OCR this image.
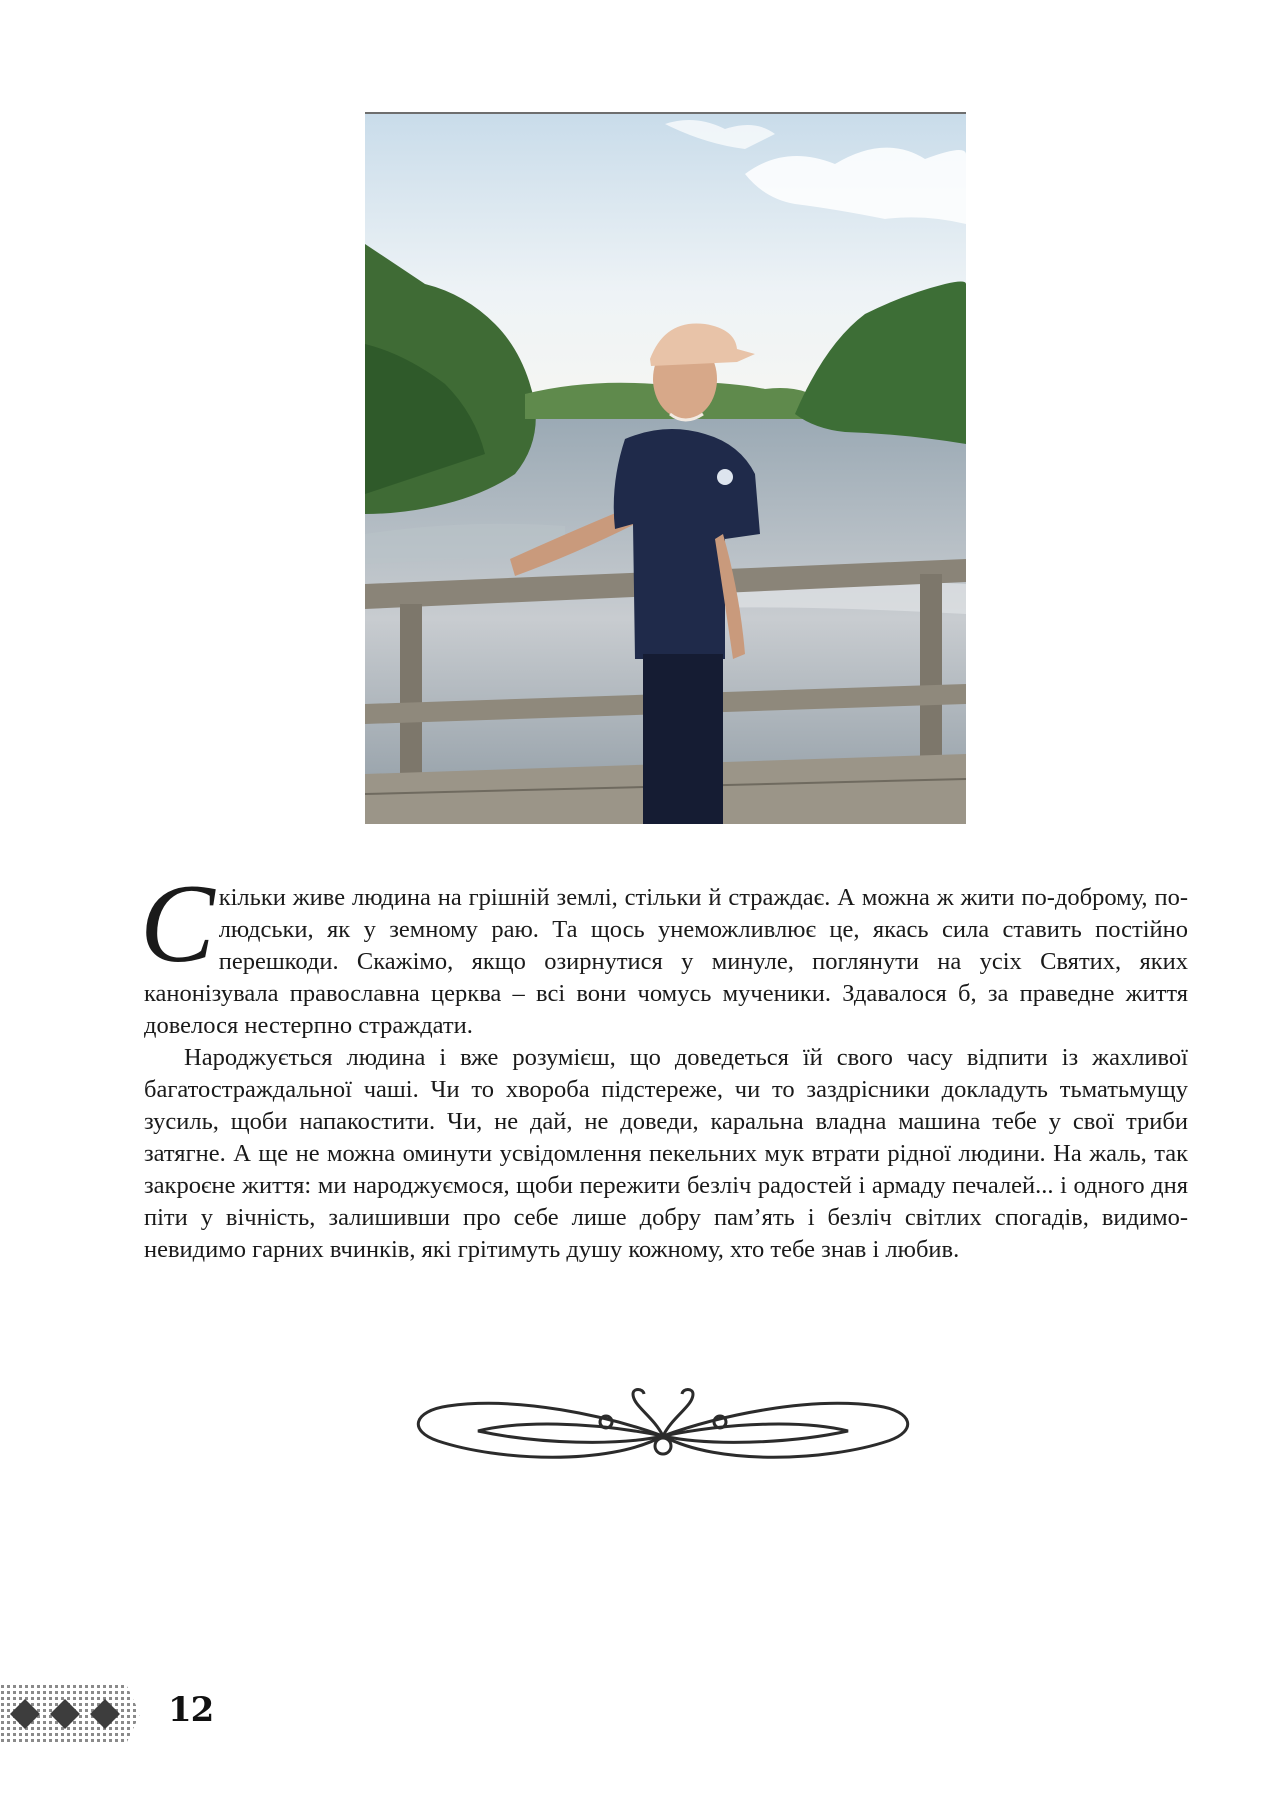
Скільки живе людина на грішній землі, стільки й страждає. А можна ж жити по-доброму, по-людськи, як у земному раю. Та щось унеможливлює це, якась сила ставить постійно перешкоди. Скажімо, якщо озирнутися у минуле, поглянути на усіх Святих, яких канонізувала православна церква – всі вони чомусь мученики. Здавалося б, за праведне життя довелося нестерпно страждати.

Народжується людина і вже розумієш, що доведеться їй свого часу відпити із жахливої багатостраждальної чаші. Чи то хвороба підстереже, чи то заздрісники докладуть тьматьмущу зусиль, щоби напакостити. Чи, не дай, не доведи, каральна владна машина тебе у свої триби затягне. А ще не можна оминути усвідомлення пекельних мук втрати рідної людини. На жаль, так закроєне життя: ми народжуємося, щоби пережити безліч радостей і армаду печалей... і одного дня піти у вічність, залишивши про себе лише добру пам’ять і безліч світлих спогадів, видимо-невидимо гарних вчинків, які грітимуть душу кожному, хто тебе знав і любив.

12
